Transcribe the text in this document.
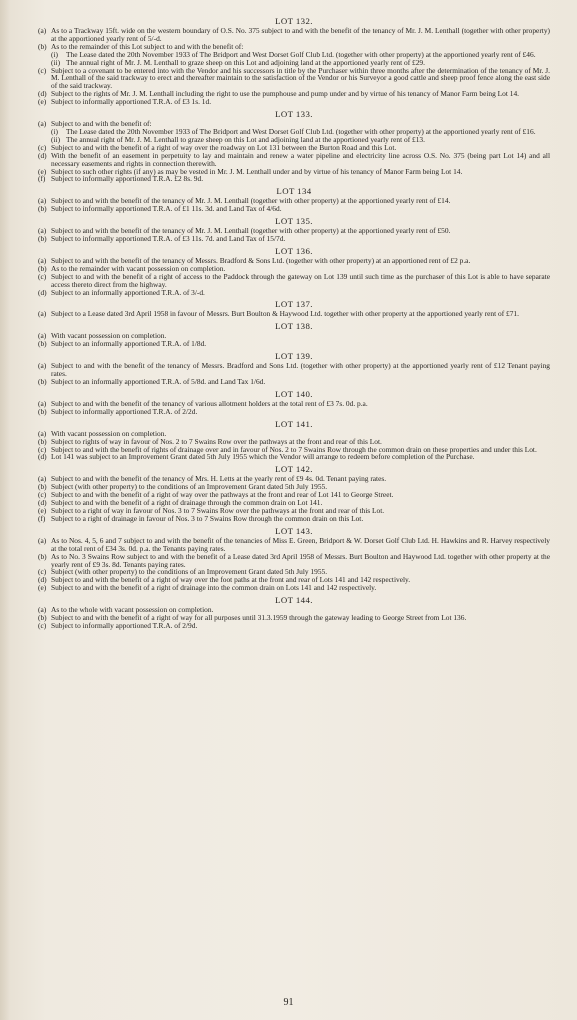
LOT 132.
(a) As to a Trackway 15ft. wide on the western boundary of O.S. No. 375 subject to and with the benefit of the tenancy of Mr. J. M. Lenthall (together with other property) at the apportioned yearly rent of 5/-d.
(b) As to the remainder of this Lot subject to and with the benefit of:
(i) The Lease dated the 20th November 1933 of The Bridport and West Dorset Golf Club Ltd. (together with other property) at the apportioned yearly rent of £46.
(ii) The annual right of Mr. J. M. Lenthall to graze sheep on this Lot and adjoining land at the apportioned yearly rent of £29.
(c) Subject to a covenant to be entered into with the Vendor and his successors in title by the Purchaser within three months after the determination of the tenancy of Mr. J. M. Lenthall of the said trackway to erect and thereafter maintain to the satisfaction of the Vendor or his Surveyor a good cattle and sheep proof fence along the east side of the said trackway.
(d) Subject to the rights of Mr. J. M. Lenthall including the right to use the pumphouse and pump under and by virtue of his tenancy of Manor Farm being Lot 14.
(e) Subject to informally apportioned T.R.A. of £3 1s. 1d.
LOT 133.
(a) Subject to and with the benefit of:
(i) The Lease dated the 20th November 1933 of The Bridport and West Dorset Golf Club Ltd. (together with other property) at the apportioned yearly rent of £16.
(ii) The annual right of Mr. J. M. Lenthall to graze sheep on this Lot and adjoining land at the apportioned yearly rent of £13.
(c) Subject to and with the benefit of a right of way over the roadway on Lot 131 between the Burton Road and this Lot.
(d) With the benefit of an easement in perpetuity to lay and maintain and renew a water pipeline and electricity line across O.S. No. 375 (being part Lot 14) and all necessary easements and rights in connection therewith.
(e) Subject to such other rights (if any) as may be vested in Mr. J. M. Lenthall under and by virtue of his tenancy of Manor Farm being Lot 14.
(f) Subject to informally apportioned T.R.A. £2 8s. 9d.
LOT 134
(a) Subject to and with the benefit of the tenancy of Mr. J. M. Lenthall (together with other property) at the apportioned yearly rent of £14.
(b) Subject to informally apportioned T.R.A. of £1 11s. 3d. and Land Tax of 4/6d.
LOT 135.
(a) Subject to and with the benefit of the tenancy of Mr. J. M. Lenthall (together with other property) at the apportioned yearly rent of £50.
(b) Subject to informally apportioned T.R.A. of £3 11s. 7d. and Land Tax of 15/7d.
LOT 136.
(a) Subject to and with the benefit of the tenancy of Messrs. Bradford & Sons Ltd. (together with other property) at an apportioned rent of £2 p.a.
(b) As to the remainder with vacant possession on completion.
(c) Subject to and with the benefit of a right of access to the Paddock through the gateway on Lot 139 until such time as the purchaser of this Lot is able to have separate access thereto direct from the highway.
(d) Subject to an informally apportioned T.R.A. of 3/-d.
LOT 137.
(a) Subject to a Lease dated 3rd April 1958 in favour of Messrs. Burt Boulton & Haywood Ltd. together with other property at the apportioned yearly rent of £71.
LOT 138.
(a) With vacant possession on completion.
(b) Subject to an informally apportioned T.R.A. of 1/8d.
LOT 139.
(a) Subject to and with the benefit of the tenancy of Messrs. Bradford and Sons Ltd. (together with other property) at the apportioned yearly rent of £12 Tenant paying rates.
(b) Subject to an informally apportioned T.R.A. of 5/8d. and Land Tax 1/6d.
LOT 140.
(a) Subject to and with the benefit of the tenancy of various allotment holders at the total rent of £3 7s. 0d. p.a.
(b) Subject to informally apportioned T.R.A. of 2/2d.
LOT 141.
(a) With vacant possession on completion.
(b) Subject to rights of way in favour of Nos. 2 to 7 Swains Row over the pathways at the front and rear of this Lot.
(c) Subject to and with the benefit of rights of drainage over and in favour of Nos. 2 to 7 Swains Row through the common drain on these properties and under this Lot.
(d) Lot 141 was subject to an Improvement Grant dated 5th July 1955 which the Vendor will arrange to redeem before completion of the Purchase.
LOT 142.
(a) Subject to and with the benefit of the tenancy of Mrs. H. Letts at the yearly rent of £9 4s. 0d. Tenant paying rates.
(b) Subject (with other property) to the conditions of an Improvement Grant dated 5th July 1955.
(c) Subject to and with the benefit of a right of way over the pathways at the front and rear of Lot 141 to George Street.
(d) Subject to and with the benefit of a right of drainage through the common drain on Lot 141.
(e) Subject to a right of way in favour of Nos. 3 to 7 Swains Row over the pathways at the front and rear of this Lot.
(f) Subject to a right of drainage in favour of Nos. 3 to 7 Swains Row through the common drain on this Lot.
LOT 143.
(a) As to Nos. 4, 5, 6 and 7 subject to and with the benefit of the tenancies of Miss E. Green, Bridport & W. Dorset Golf Club Ltd. H. Hawkins and R. Harvey respectively at the total rent of £34 3s. 0d. p.a. the Tenants paying rates.
(b) As to No. 3 Swains Row subject to and with the benefit of a Lease dated 3rd April 1958 of Messrs. Burt Boulton and Haywood Ltd. together with other property at the yearly rent of £9 3s. 8d. Tenants paying rates.
(c) Subject (with other property) to the conditions of an Improvement Grant dated 5th July 1955.
(d) Subject to and with the benefit of a right of way over the foot paths at the front and rear of Lots 141 and 142 respectively.
(e) Subject to and with the benefit of a right of drainage into the common drain on Lots 141 and 142 respectively.
LOT 144.
(a) As to the whole with vacant possession on completion.
(b) Subject to and with the benefit of a right of way for all purposes until 31.3.1959 through the gateway leading to George Street from Lot 136.
(c) Subject to informally apportioned T.R.A. of 2/9d.
91
